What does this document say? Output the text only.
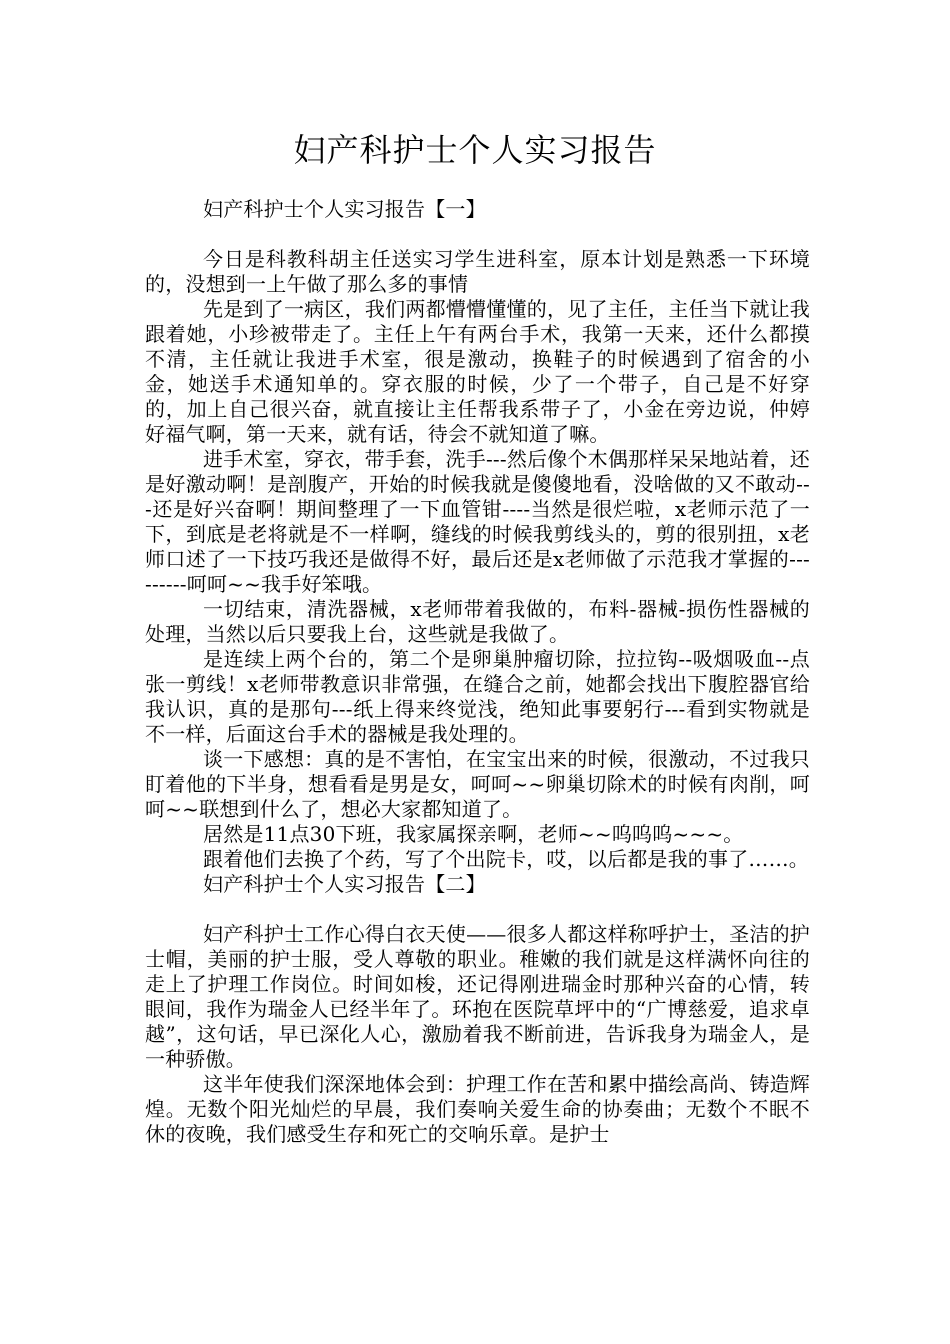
妇产科护士个人实习报告

妇产科护士个人实习报告【一】

今日是科教科胡主任送实习学生进科室，原本计划是熟悉一下环境的，没想到一上午做了那么多的事情

先是到了一病区，我们两都懵懵懂懂的，见了主任，主任当下就让我跟着她，小珍被带走了。主任上午有两台手术，我第一天来，还什么都摸不清，主任就让我进手术室，很是激动，换鞋子的时候遇到了宿舍的小金，她送手术通知单的。穿衣服的时候，少了一个带子，自己是不好穿的，加上自己很兴奋，就直接让主任帮我系带子了，小金在旁边说，仲婷好福气啊，第一天来，就有话，待会不就知道了嘛。

进手术室，穿衣，带手套，洗手---然后像个木偶那样呆呆地站着，还是好激动啊！是剖腹产，开始的时候我就是傻傻地看，没啥做的又不敢动---还是好兴奋啊！期间整理了一下血管钳----当然是很烂啦，x老师示范了一下，到底是老将就是不一样啊，缝线的时候我剪线头的，剪的很别扭，x老师口述了一下技巧我还是做得不好，最后还是x老师做了示范我才掌握的---------呵呵~~我手好笨哦。

一切结束，清洗器械，x老师带着我做的，布料-器械-损伤性器械的处理，当然以后只要我上台，这些就是我做了。

是连续上两个台的，第二个是卵巢肿瘤切除，拉拉钩--吸烟吸血--点张一剪线！x老师带教意识非常强，在缝合之前，她都会找出下腹腔器官给我认识，真的是那句---纸上得来终觉浅，绝知此事要躬行---看到实物就是不一样，后面这台手术的器械是我处理的。

谈一下感想：真的是不害怕，在宝宝出来的时候，很激动，不过我只盯着他的下半身，想看看是男是女，呵呵~~卵巢切除术的时候有肉削，呵呵~~联想到什么了，想必大家都知道了。

居然是11点30下班，我家属探亲啊，老师~~呜呜呜~~~。

跟着他们去换了个药，写了个出院卡，哎，以后都是我的事了……。

妇产科护士个人实习报告【二】

妇产科护士工作心得白衣天使——很多人都这样称呼护士，圣洁的护士帽，美丽的护士服，受人尊敬的职业。稚嫩的我们就是这样满怀向往的走上了护理工作岗位。时间如梭，还记得刚进瑞金时那种兴奋的心情，转眼间，我作为瑞金人已经半年了。环抱在医院草坪中的“广博慈爱，追求卓越”，这句话，早已深化人心，激励着我不断前进，告诉我身为瑞金人，是一种骄傲。

这半年使我们深深地体会到：护理工作在苦和累中描绘高尚、铸造辉煌。无数个阳光灿烂的早晨，我们奏响关爱生命的协奏曲；无数个不眠不休的夜晚，我们感受生存和死亡的交响乐章。是护士
